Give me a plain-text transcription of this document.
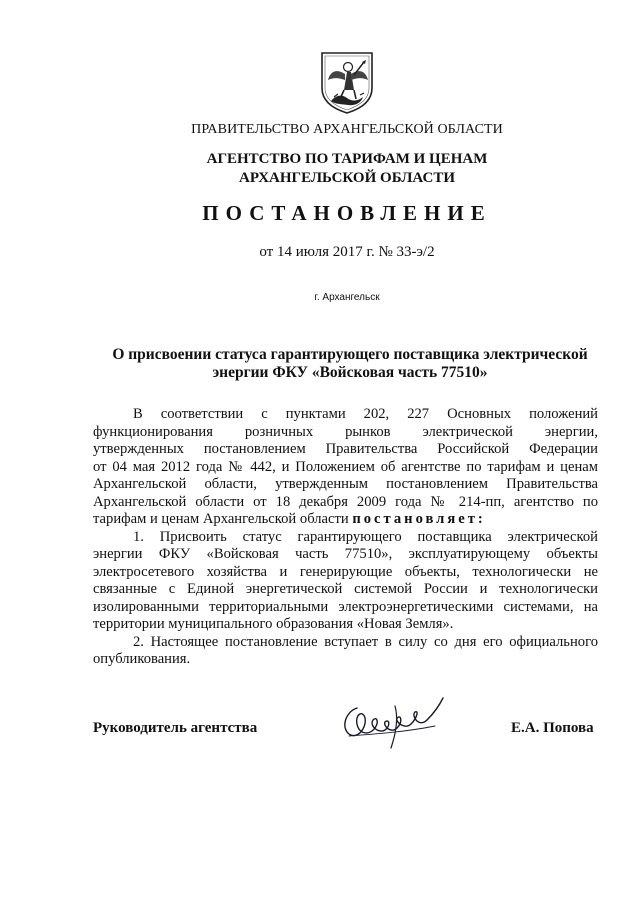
ПРАВИТЕЛЬСТВО АРХАНГЕЛЬСКОЙ ОБЛАСТИ
АГЕНТСТВО ПО ТАРИФАМ И ЦЕНАМ
АРХАНГЕЛЬСКОЙ ОБЛАСТИ
ПОСТАНОВЛЕНИЕ
от 14 июля 2017 г. № 33-э/2
г. Архангельск
О присвоении статуса гарантирующего поставщика электрической
энергии ФКУ «Войсковая часть 77510»

В соответствии с пунктами 202, 227 Основных положений

функционирования розничных рынков электрической энергии,

утвержденных постановлением Правительства Российской Федерации

от 04 мая 2012 года № 442, и Положением об агентстве по тарифам и ценам

Архангельской области, утвержденным постановлением Правительства

Архангельской области от 18 декабря 2009 года № 214-пп, агентство по

тарифам и ценам Архангельской области постановляет:

1. Присвоить статус гарантирующего поставщика электрической

энергии ФКУ «Войсковая часть 77510», эксплуатирующему объекты

электросетевого хозяйства и генерирующие объекты, технологически не

связанные с Единой энергетической системой России и технологически

изолированными территориальными электроэнергетическими системами, на

территории муниципального образования «Новая Земля».

2. Настоящее постановление вступает в силу со дня его официального

опубликования.

Руководитель агентства	Е.А. Попова
